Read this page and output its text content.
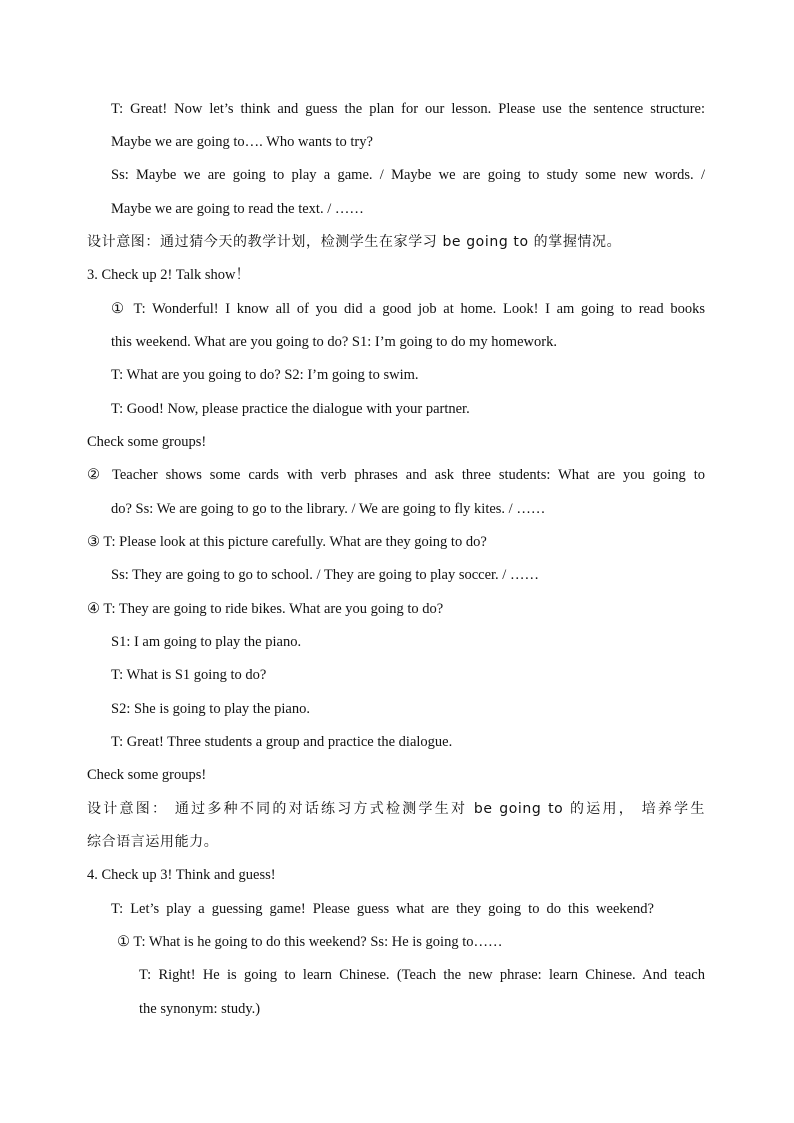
T: Great! Now let’s think and guess the plan for our lesson. Please use the sentence structure:
Maybe we are going to…. Who wants to try?
Ss: Maybe we are going to play a game. / Maybe we are going to study some new words. /
Maybe we are going to read the text. / ……
设计意图：通过猜今天的教学计划，检测学生在家学习 be going to 的掌握情况。
3. Check up 2! Talk show！
① T: Wonderful! I know all of you did a good job at home. Look! I am going to read books
this weekend. What are you going to do? S1: I’m going to do my homework.
T: What are you going to do? S2: I’m going to swim.
T: Good! Now, please practice the dialogue with your partner.
Check some groups!
② Teacher shows some cards with verb phrases and ask three students: What are you going to
do? Ss: We are going to go to the library. / We are going to fly kites. / ……
③ T: Please look at this picture carefully. What are they going to do?
Ss: They are going to go to school. / They are going to play soccer. / ……
④ T: They are going to ride bikes. What are you going to do?
S1: I am going to play the piano.
T: What is S1 going to do?
S2: She is going to play the piano.
T: Great! Three students a group and practice the dialogue.
Check some groups!
设计意图： 通过多种不同的对话练习方式检测学生对 be going to 的运用， 培养学生
综合语言运用能力。
4. Check up 3! Think and guess!
T: Let’s play a guessing game! Please guess what are they going to do this weekend?
① T: What is he going to do this weekend? Ss: He is going to……
T: Right! He is going to learn Chinese. (Teach the new phrase: learn Chinese. And teach
the synonym: study.)
